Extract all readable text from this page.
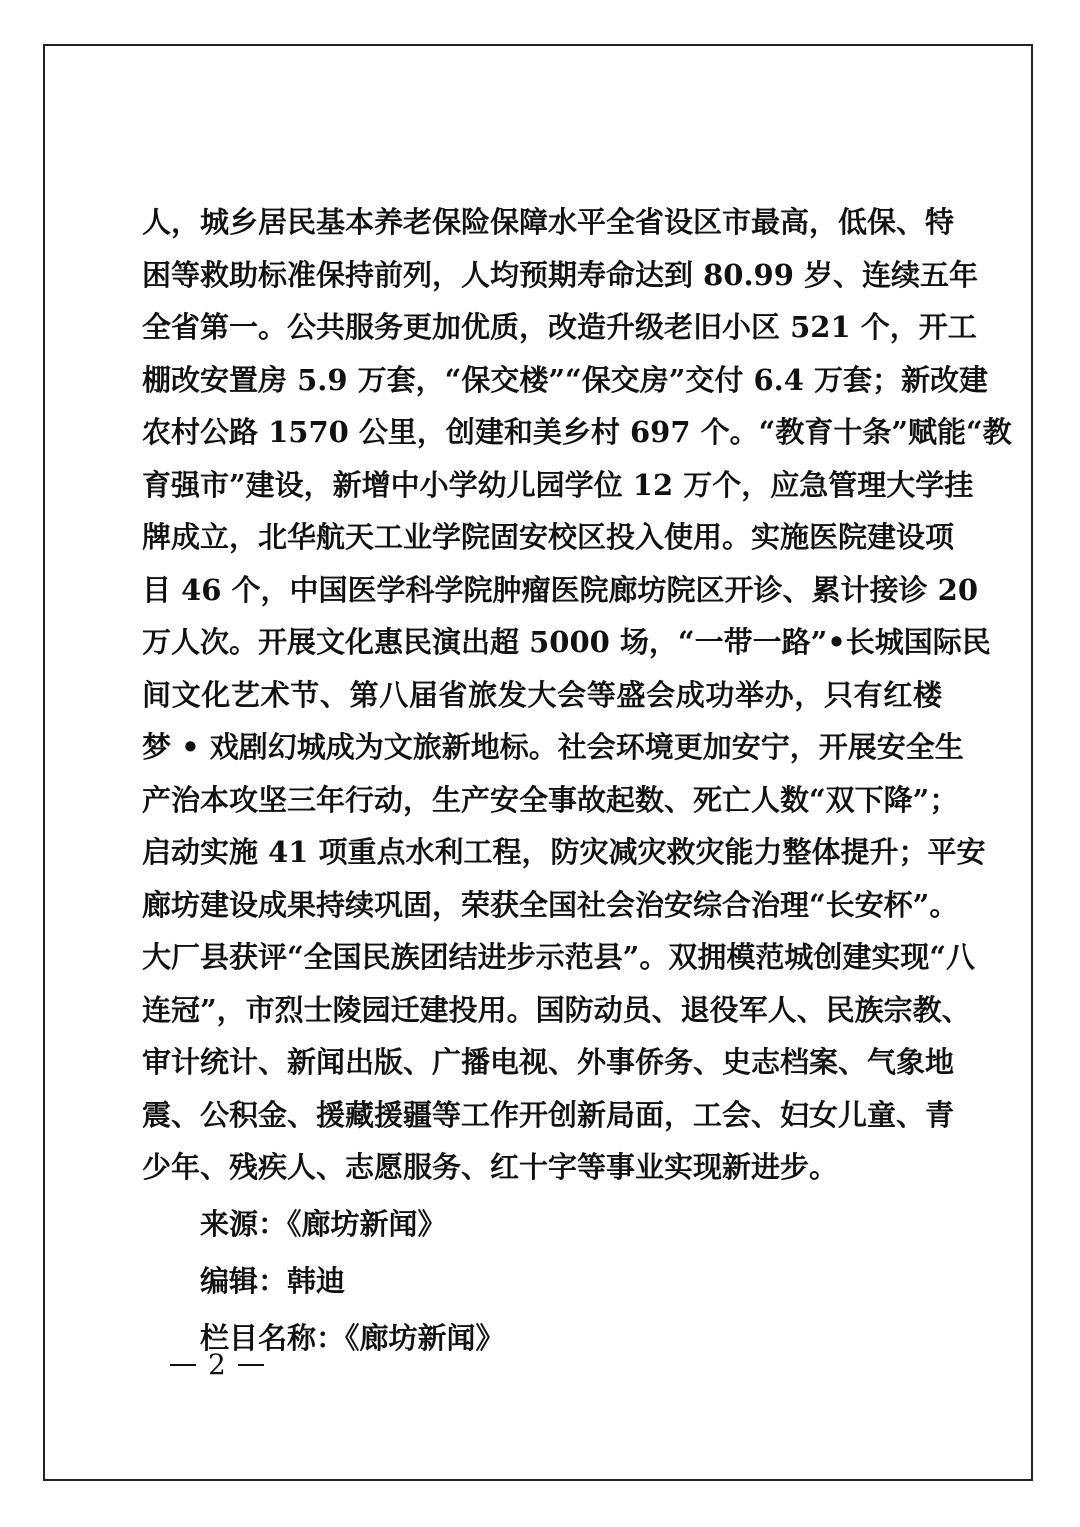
人，城乡居民基本养老保险保障水平全省设区市最高，低保、特
困等救助标准保持前列，人均预期寿命达到 80.99 岁、连续五年
全省第一。公共服务更加优质，改造升级老旧小区 521 个，开工
棚改安置房 5.9 万套，“保交楼”“保交房”交付 6.4 万套；新改建
农村公路 1570 公里，创建和美乡村 697 个。“教育十条”赋能“教
育强市”建设，新增中小学幼儿园学位 12 万个，应急管理大学挂
牌成立，北华航天工业学院固安校区投入使用。实施医院建设项
目 46 个，中国医学科学院肿瘤医院廊坊院区开诊、累计接诊 20
万人次。开展文化惠民演出超 5000 场，“一带一路”•长城国际民
间文化艺术节、第八届省旅发大会等盛会成功举办，只有红楼
梦 • 戏剧幻城成为文旅新地标。社会环境更加安宁，开展安全生
产治本攻坚三年行动，生产安全事故起数、死亡人数“双下降”；
启动实施 41 项重点水利工程，防灾减灾救灾能力整体提升；平安
廊坊建设成果持续巩固，荣获全国社会治安综合治理“长安杯”。
大厂县获评“全国民族团结进步示范县”。双拥模范城创建实现“八
连冠”，市烈士陵园迁建投用。国防动员、退役军人、民族宗教、
审计统计、新闻出版、广播电视、外事侨务、史志档案、气象地
震、公积金、援藏援疆等工作开创新局面，工会、妇女儿童、青
少年、残疾人、志愿服务、红十字等事业实现新进步。
来源：《廊坊新闻》
编辑：韩迪
栏目名称：《廊坊新闻》
2
